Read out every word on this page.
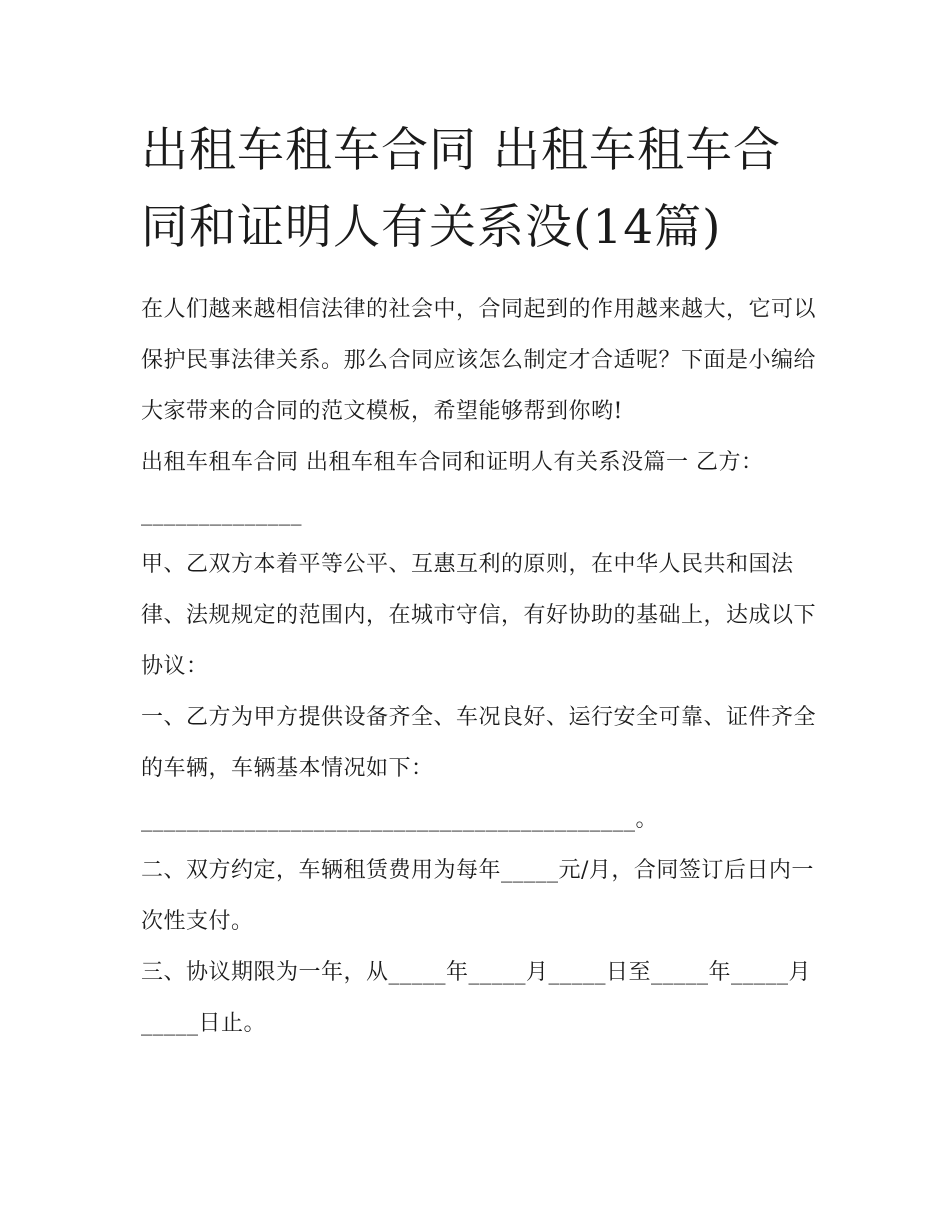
出租车租车合同 出租车租车合同和证明人有关系没(14篇)

在人们越来越相信法律的社会中，合同起到的作用越来越大，它可以保护民事法律关系。那么合同应该怎么制定才合适呢？下面是小编给大家带来的合同的范文模板，希望能够帮到你哟!

出租车租车合同 出租车租车合同和证明人有关系没篇一 乙方：______________

甲、乙双方本着平等公平、互惠互利的原则，在中华人民共和国法律、法规规定的范围内，在城市守信，有好协助的基础上，达成以下协议：

一、乙方为甲方提供设备齐全、车况良好、运行安全可靠、证件齐全的车辆，车辆基本情况如下：___________________________________________。

二、双方约定，车辆租赁费用为每年_____元/月，合同签订后日内一次性支付。

三、协议期限为一年，从_____年_____月_____日至_____年_____月_____日止。
